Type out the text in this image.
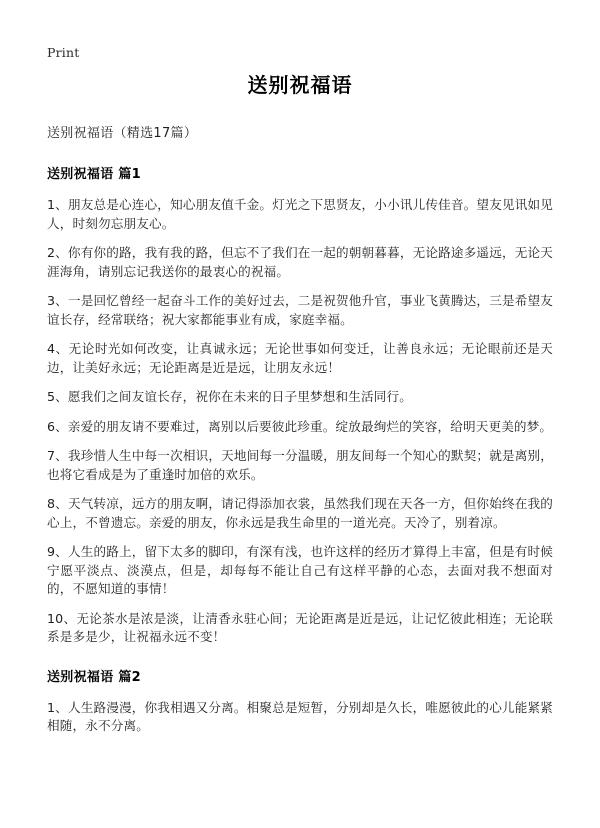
Print
送别祝福语
送别祝福语（精选17篇）
送别祝福语 篇1

1、朋友总是心连心，知心朋友值千金。灯光之下思贤友，小小讯儿传佳音。望友见讯如见人，时刻勿忘朋友心。

2、你有你的路，我有我的路，但忘不了我们在一起的朝朝暮暮，无论路途多遥远，无论天涯海角，请别忘记我送你的最衷心的祝福。

3、一是回忆曾经一起奋斗工作的美好过去，二是祝贺他升官，事业飞黄腾达，三是希望友谊长存，经常联络；祝大家都能事业有成，家庭幸福。

4、无论时光如何改变，让真诚永远；无论世事如何变迁，让善良永远；无论眼前还是天边，让美好永远；无论距离是近是远，让朋友永远！

5、愿我们之间友谊长存，祝你在未来的日子里梦想和生活同行。

6、亲爱的朋友请不要难过，离别以后要彼此珍重。绽放最绚烂的笑容，给明天更美的梦。

7、我珍惜人生中每一次相识，天地间每一分温暖，朋友间每一个知心的默契；就是离别，也将它看成是为了重逢时加倍的欢乐。

8、天气转凉，远方的朋友啊，请记得添加衣裳，虽然我们现在天各一方，但你始终在我的心上，不曾遗忘。亲爱的朋友，你永远是我生命里的一道光亮。天冷了，别着凉。

9、人生的路上，留下太多的脚印，有深有浅，也许这样的经历才算得上丰富，但是有时候宁愿平淡点、淡漠点，但是，却每每不能让自己有这样平静的心态，去面对我不想面对的，不愿知道的事情！

10、无论茶水是浓是淡，让清香永驻心间；无论距离是近是远，让记忆彼此相连；无论联系是多是少，让祝福永远不变！

送别祝福语 篇2

1、人生路漫漫，你我相遇又分离。相聚总是短暂，分别却是久长，唯愿彼此的心儿能紧紧相随，永不分离。
